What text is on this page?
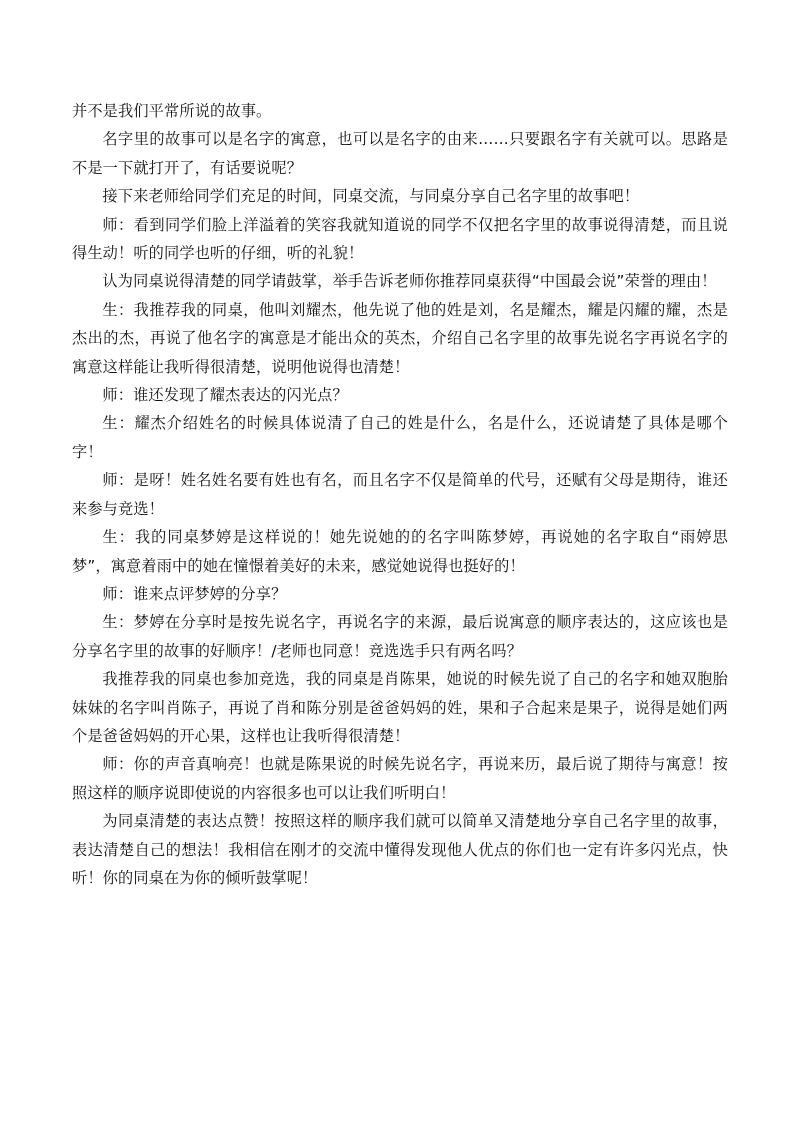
并不是我们平常所说的故事。

名字里的故事可以是名字的寓意，也可以是名字的由来……只要跟名字有关就可以。思路是不是一下就打开了，有话要说呢？

接下来老师给同学们充足的时间，同桌交流，与同桌分享自己名字里的故事吧！

师：看到同学们脸上洋溢着的笑容我就知道说的同学不仅把名字里的故事说得清楚，而且说得生动！听的同学也听的仔细，听的礼貌！

认为同桌说得清楚的同学请鼓掌，举手告诉老师你推荐同桌获得“中国最会说”荣誉的理由！

生：我推荐我的同桌，他叫刘耀杰，他先说了他的姓是刘，名是耀杰，耀是闪耀的耀，杰是杰出的杰，再说了他名字的寓意是才能出众的英杰，介绍自己名字里的故事先说名字再说名字的寓意这样能让我听得很清楚，说明他说得也清楚！

师：谁还发现了耀杰表达的闪光点？

生：耀杰介绍姓名的时候具体说清了自己的姓是什么，名是什么，还说请楚了具体是哪个字！

师：是呀！姓名姓名要有姓也有名，而且名字不仅是简单的代号，还赋有父母是期待，谁还来参与竞选！

生：我的同桌梦婷是这样说的！她先说她的的名字叫陈梦婷，再说她的名字取自“雨婷思梦”，寓意着雨中的她在憧憬着美好的未来，感觉她说得也挺好的！

师：谁来点评梦婷的分享？

生：梦婷在分享时是按先说名字，再说名字的来源，最后说寓意的顺序表达的，这应该也是分享名字里的故事的好顺序！/老师也同意！竞选选手只有两名吗？

我推荐我的同桌也参加竞选，我的同桌是肖陈果，她说的时候先说了自己的名字和她双胞胎妹妹的名字叫肖陈子，再说了肖和陈分别是爸爸妈妈的姓，果和子合起来是果子，说得是她们两个是爸爸妈妈的开心果，这样也让我听得很清楚！

师：你的声音真响亮！也就是陈果说的时候先说名字，再说来历，最后说了期待与寓意！按照这样的顺序说即使说的内容很多也可以让我们听明白！

为同桌清楚的表达点赞！按照这样的顺序我们就可以简单又清楚地分享自己名字里的故事，表达清楚自己的想法！我相信在刚才的交流中懂得发现他人优点的你们也一定有许多闪光点，快听！你的同桌在为你的倾听鼓掌呢！
